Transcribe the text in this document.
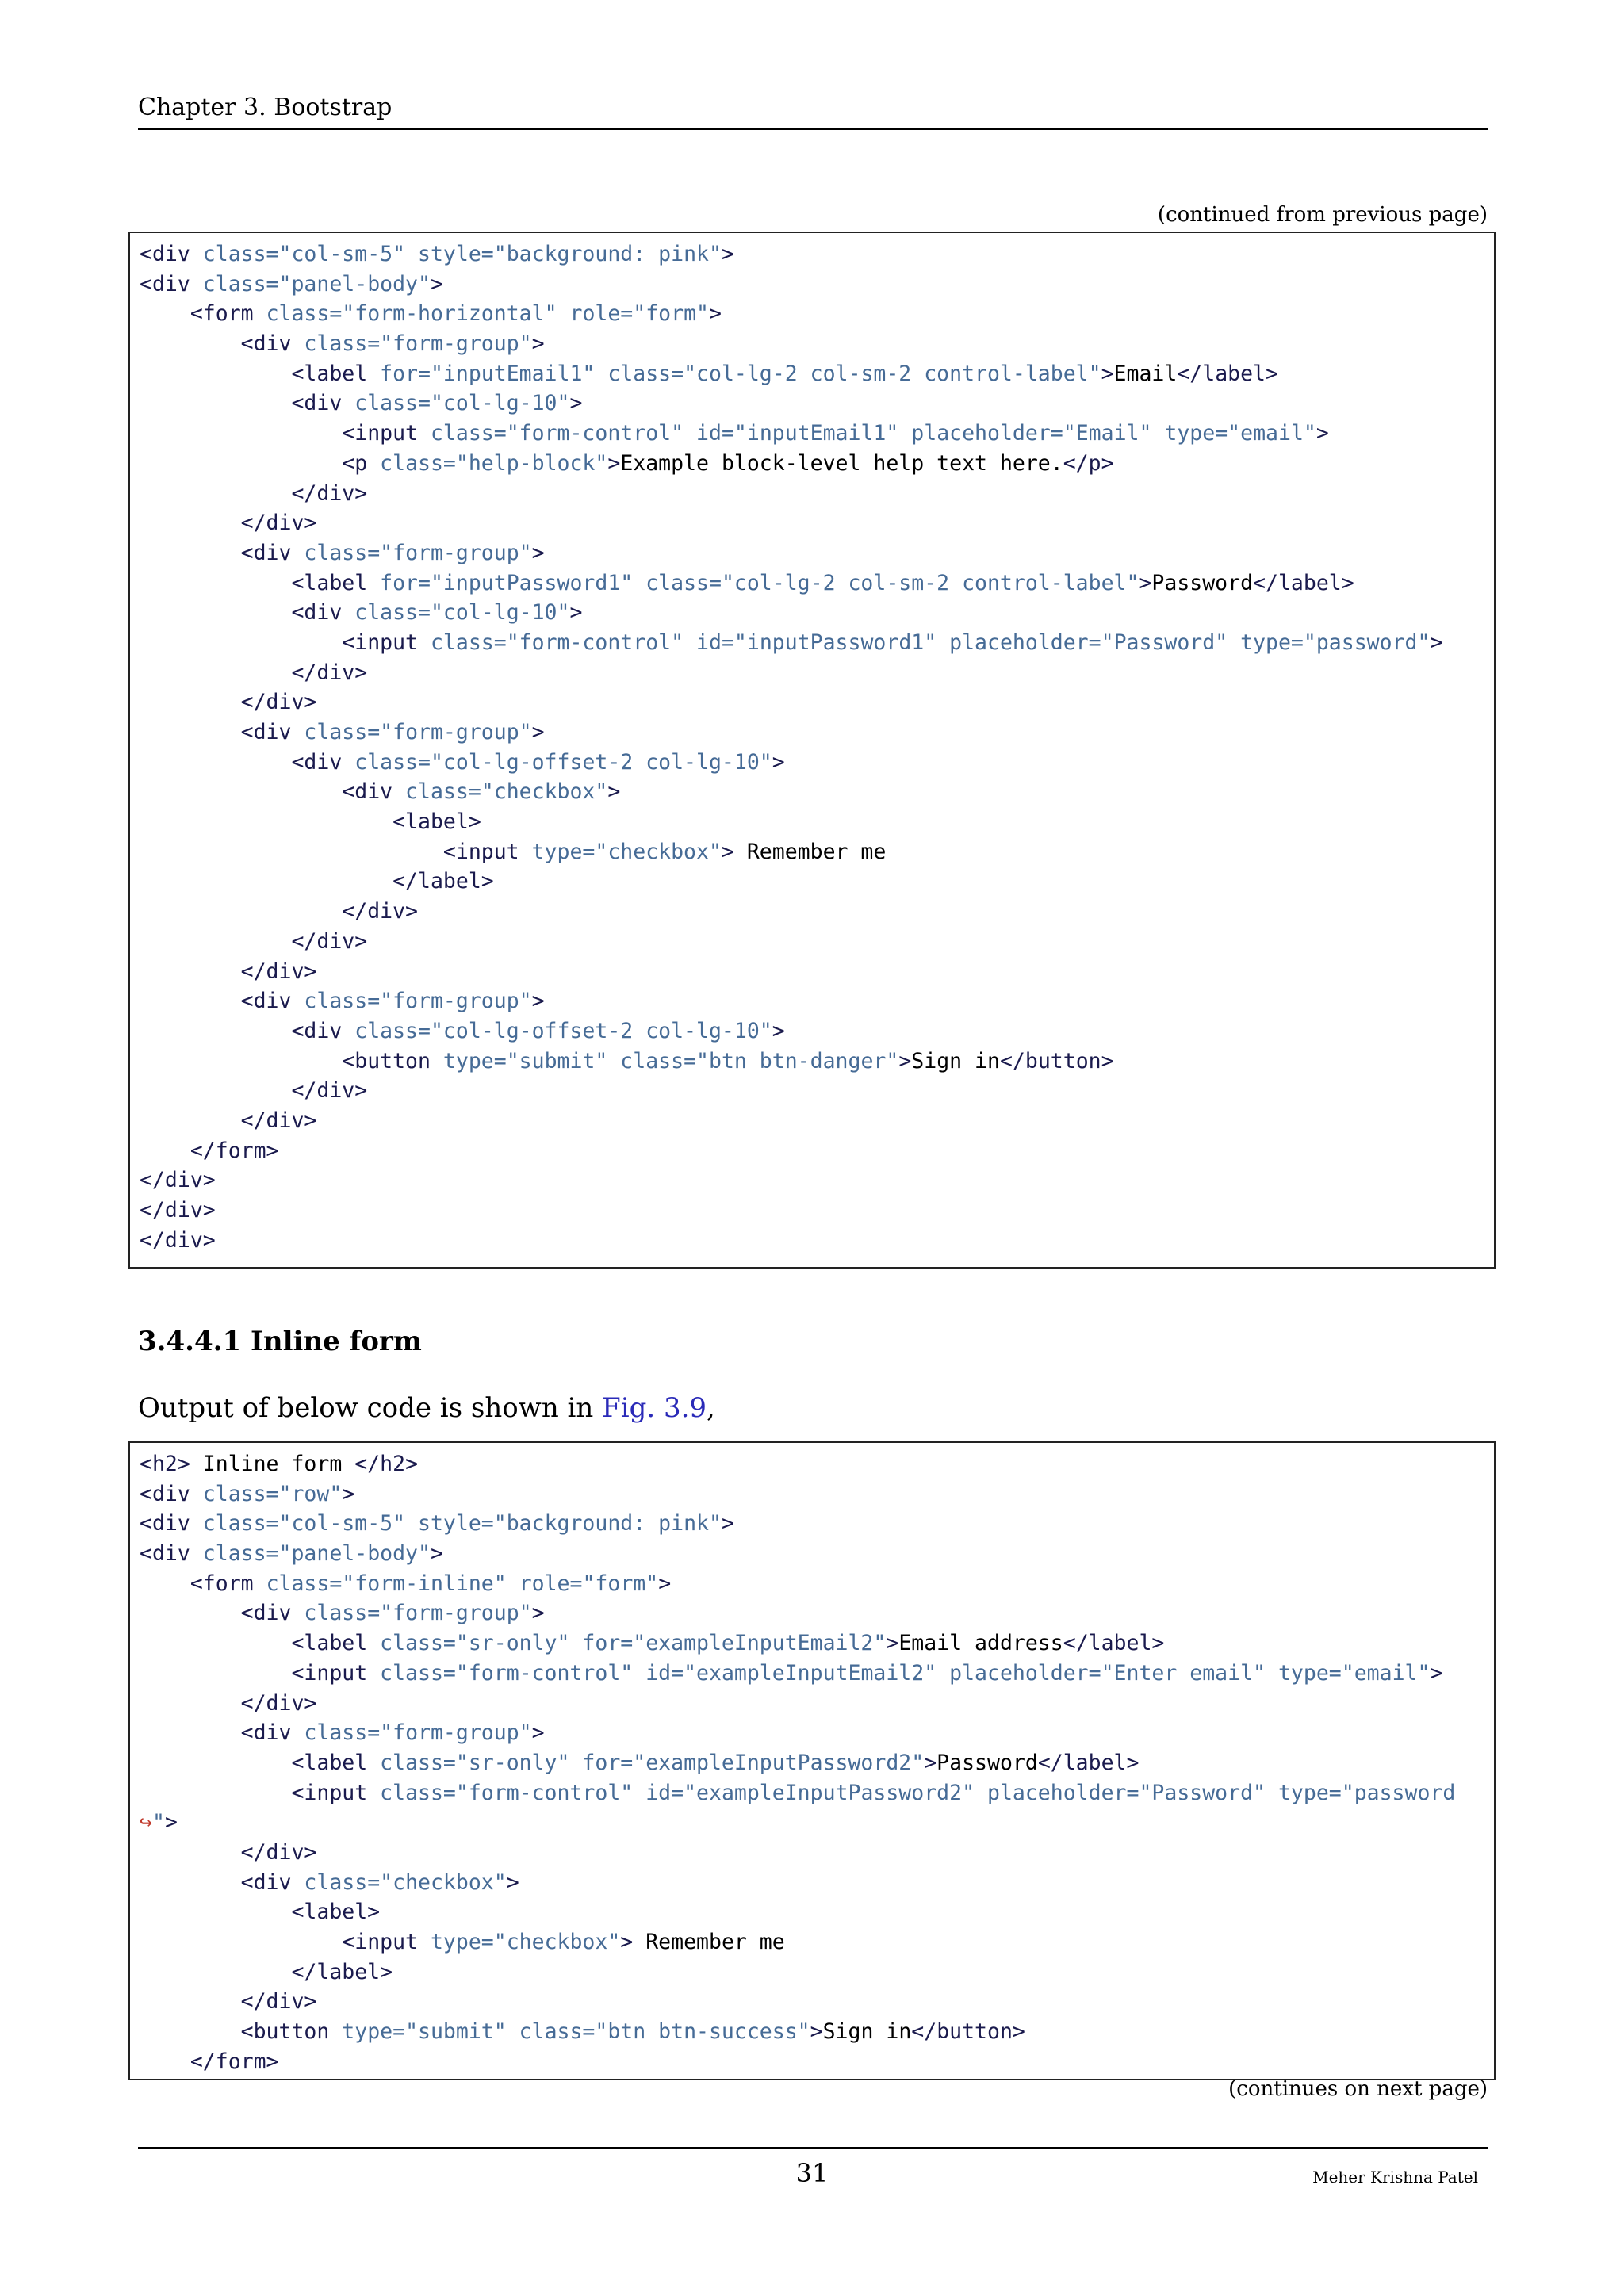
Chapter 3. Bootstrap
(continued from previous page)
<div class="col-sm-5" style="background: pink">
<div class="panel-body">
<form class="form-horizontal" role="form">
<div class="form-group">
<label for="inputEmail1" class="col-lg-2 col-sm-2 control-label">Email</label>
<div class="col-lg-10">
<input class="form-control" id="inputEmail1" placeholder="Email" type="email">
<p class="help-block">Example block-level help text here.</p>
</div>
</div>
<div class="form-group">
<label for="inputPassword1" class="col-lg-2 col-sm-2 control-label">Password</label>
<div class="col-lg-10">
<input class="form-control" id="inputPassword1" placeholder="Password" type="password">
</div>
</div>
<div class="form-group">
<div class="col-lg-offset-2 col-lg-10">
<div class="checkbox">
<label>
<input type="checkbox"> Remember me
</label>
</div>
</div>
</div>
<div class="form-group">
<div class="col-lg-offset-2 col-lg-10">
<button type="submit" class="btn btn-danger">Sign in</button>
</div>
</div>
</form>
</div>
</div>
</div>
3.4.4.1 Inline form
Output of below code is shown in Fig. 3.9,
<h2> Inline form </h2>
<div class="row">
<div class="col-sm-5" style="background: pink">
<div class="panel-body">
<form class="form-inline" role="form">
<div class="form-group">
<label class="sr-only" for="exampleInputEmail2">Email address</label>
<input class="form-control" id="exampleInputEmail2" placeholder="Enter email" type="email">
</div>
<div class="form-group">
<label class="sr-only" for="exampleInputPassword2">Password</label>
<input class="form-control" id="exampleInputPassword2" placeholder="Password" type="password
↪">
</div>
<div class="checkbox">
<label>
<input type="checkbox"> Remember me
</label>
</div>
<button type="submit" class="btn btn-success">Sign in</button>
</form>
(continues on next page)
31	Meher Krishna Patel
